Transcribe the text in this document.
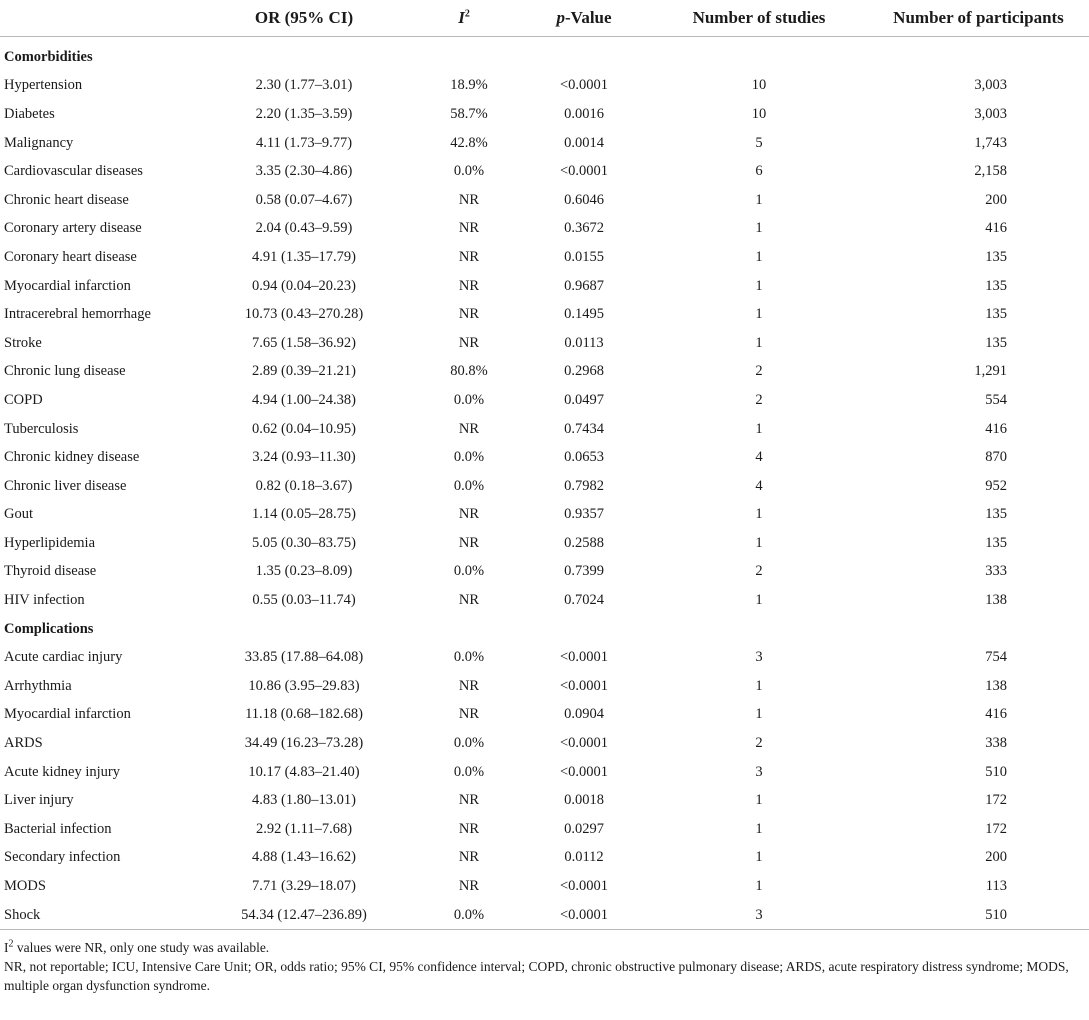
	OR (95% CI)	$I^2$	p-Value	Number of studies	Number of participants
Comorbidities					
Hypertension	2.30 (1.77–3.01)	18.9%	<0.0001	10	3,003
Diabetes	2.20 (1.35–3.59)	58.7%	0.0016	10	3,003
Malignancy	4.11 (1.73–9.77)	42.8%	0.0014	5	1,743
Cardiovascular diseases	3.35 (2.30–4.86)	0.0%	<0.0001	6	2,158
Chronic heart disease	0.58 (0.07–4.67)	NR	0.6046	1	200
Coronary artery disease	2.04 (0.43–9.59)	NR	0.3672	1	416
Coronary heart disease	4.91 (1.35–17.79)	NR	0.0155	1	135
Myocardial infarction	0.94 (0.04–20.23)	NR	0.9687	1	135
Intracerebral hemorrhage	10.73 (0.43–270.28)	NR	0.1495	1	135
Stroke	7.65 (1.58–36.92)	NR	0.0113	1	135
Chronic lung disease	2.89 (0.39–21.21)	80.8%	0.2968	2	1,291
COPD	4.94 (1.00–24.38)	0.0%	0.0497	2	554
Tuberculosis	0.62 (0.04–10.95)	NR	0.7434	1	416
Chronic kidney disease	3.24 (0.93–11.30)	0.0%	0.0653	4	870
Chronic liver disease	0.82 (0.18–3.67)	0.0%	0.7982	4	952
Gout	1.14 (0.05–28.75)	NR	0.9357	1	135
Hyperlipidemia	5.05 (0.30–83.75)	NR	0.2588	1	135
Thyroid disease	1.35 (0.23–8.09)	0.0%	0.7399	2	333
HIV infection	0.55 (0.03–11.74)	NR	0.7024	1	138
Complications					
Acute cardiac injury	33.85 (17.88–64.08)	0.0%	<0.0001	3	754
Arrhythmia	10.86 (3.95–29.83)	NR	<0.0001	1	138
Myocardial infarction	11.18 (0.68–182.68)	NR	0.0904	1	416
ARDS	34.49 (16.23–73.28)	0.0%	<0.0001	2	338
Acute kidney injury	10.17 (4.83–21.40)	0.0%	<0.0001	3	510
Liver injury	4.83 (1.80–13.01)	NR	0.0018	1	172
Bacterial infection	2.92 (1.11–7.68)	NR	0.0297	1	172
Secondary infection	4.88 (1.43–16.62)	NR	0.0112	1	200
MODS	7.71 (3.29–18.07)	NR	<0.0001	1	113
Shock	54.34 (12.47–236.89)	0.0%	<0.0001	3	510

$I^2$ values were NR, only one study was available.

NR, not reportable; ICU, Intensive Care Unit; OR, odds ratio; 95% CI, 95% confidence interval; COPD, chronic obstructive pulmonary disease; ARDS, acute respiratory distress syndrome; MODS, multiple organ dysfunction syndrome.
